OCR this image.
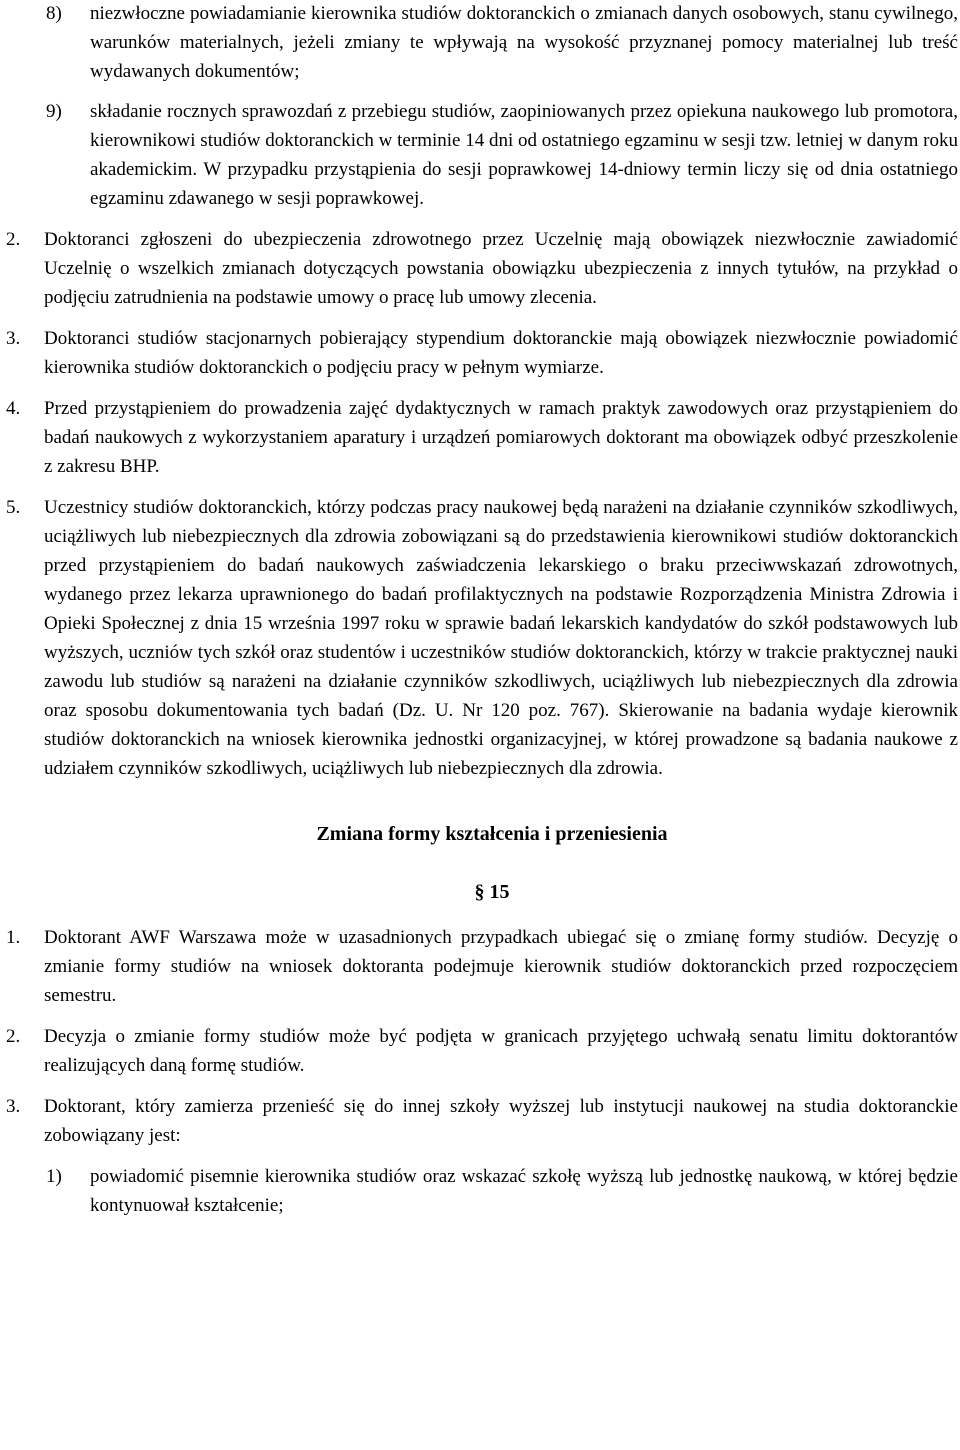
8) niezwłoczne powiadamianie kierownika studiów doktoranckich o zmianach danych osobowych, stanu cywilnego, warunków materialnych, jeżeli zmiany te wpływają na wysokość przyznanej pomocy materialnej lub treść wydawanych dokumentów;
9) składanie rocznych sprawozdań z przebiegu studiów, zaopiniowanych przez opiekuna naukowego lub promotora, kierownikowi studiów doktoranckich w terminie 14 dni od ostatniego egzaminu w sesji tzw. letniej w danym roku akademickim. W przypadku przystąpienia do sesji poprawkowej 14-dniowy termin liczy się od dnia ostatniego egzaminu zdawanego w sesji poprawkowej.
2. Doktoranci zgłoszeni do ubezpieczenia zdrowotnego przez Uczelnię mają obowiązek niezwłocznie zawiadomić Uczelnię o wszelkich zmianach dotyczących powstania obowiązku ubezpieczenia z innych tytułów, na przykład o podjęciu zatrudnienia na podstawie umowy o pracę lub umowy zlecenia.
3. Doktoranci studiów stacjonarnych pobierający stypendium doktoranckie mają obowiązek niezwłocznie powiadomić kierownika studiów doktoranckich o podjęciu pracy w pełnym wymiarze.
4. Przed przystąpieniem do prowadzenia zajęć dydaktycznych w ramach praktyk zawodowych oraz przystąpieniem do badań naukowych z wykorzystaniem aparatury i urządzeń pomiarowych doktorant ma obowiązek odbyć przeszkolenie z zakresu BHP.
5. Uczestnicy studiów doktoranckich, którzy podczas pracy naukowej będą narażeni na działanie czynników szkodliwych, uciążliwych lub niebezpiecznych dla zdrowia zobowiązani są do przedstawienia kierownikowi studiów doktoranckich przed przystąpieniem do badań naukowych zaświadczenia lekarskiego o braku przeciwwskazań zdrowotnych, wydanego przez lekarza uprawnionego do badań profilaktycznych na podstawie Rozporządzenia Ministra Zdrowia i Opieki Społecznej z dnia 15 września 1997 roku w sprawie badań lekarskich kandydatów do szkół podstawowych lub wyższych, uczniów tych szkół oraz studentów i uczestników studiów doktoranckich, którzy w trakcie praktycznej nauki zawodu lub studiów są narażeni na działanie czynników szkodliwych, uciążliwych lub niebezpiecznych dla zdrowia oraz sposobu dokumentowania tych badań (Dz. U. Nr 120 poz. 767). Skierowanie na badania wydaje kierownik studiów doktoranckich na wniosek kierownika jednostki organizacyjnej, w której prowadzone są badania naukowe z udziałem czynników szkodliwych, uciążliwych lub niebezpiecznych dla zdrowia.
Zmiana formy kształcenia i przeniesienia
§ 15
1. Doktorant AWF Warszawa może w uzasadnionych przypadkach ubiegać się o zmianę formy studiów. Decyzję o zmianie formy studiów na wniosek doktoranta podejmuje kierownik studiów doktoranckich przed rozpoczęciem semestru.
2. Decyzja o zmianie formy studiów może być podjęta w granicach przyjętego uchwałą senatu limitu doktorantów realizujących daną formę studiów.
3. Doktorant, który zamierza przenieść się do innej szkoły wyższej lub instytucji naukowej na studia doktoranckie zobowiązany jest:
1) powiadomić pisemnie kierownika studiów oraz wskazać szkołę wyższą lub jednostkę naukową, w której będzie kontynuował kształcenie;
